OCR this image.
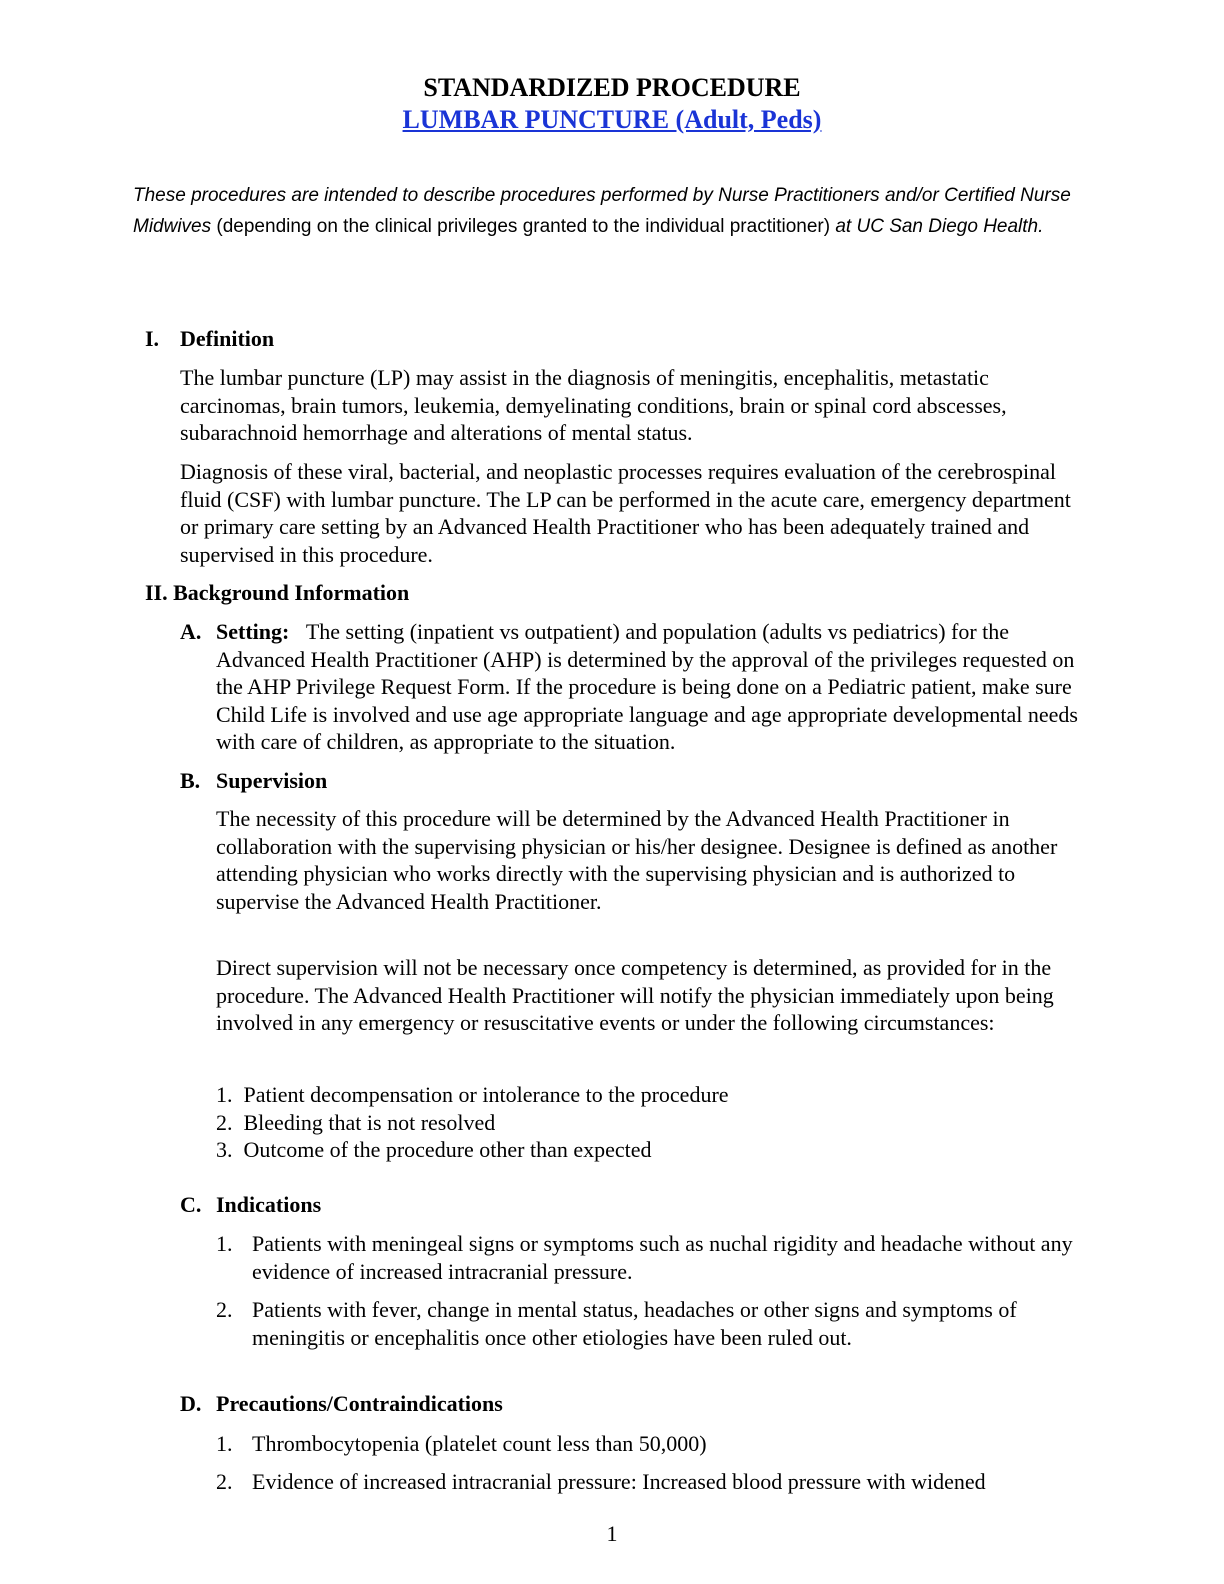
STANDARDIZED PROCEDURE
LUMBAR PUNCTURE (Adult, Peds)
These procedures are intended to describe procedures performed by Nurse Practitioners and/or Certified Nurse Midwives (depending on the clinical privileges granted to the individual practitioner) at UC San Diego Health.
I. Definition

The lumbar puncture (LP) may assist in the diagnosis of meningitis, encephalitis, metastatic carcinomas, brain tumors, leukemia, demyelinating conditions, brain or spinal cord abscesses, subarachnoid hemorrhage and alterations of mental status.

Diagnosis of these viral, bacterial, and neoplastic processes requires evaluation of the cerebrospinal fluid (CSF) with lumbar puncture. The LP can be performed in the acute care, emergency department or primary care setting by an Advanced Health Practitioner who has been adequately trained and supervised in this procedure.

II. Background Information
A. Setting: The setting (inpatient vs outpatient) and population (adults vs pediatrics) for the Advanced Health Practitioner (AHP) is determined by the approval of the privileges requested on the AHP Privilege Request Form. If the procedure is being done on a Pediatric patient, make sure Child Life is involved and use age appropriate language and age appropriate developmental needs with care of children, as appropriate to the situation.
B. Supervision

The necessity of this procedure will be determined by the Advanced Health Practitioner in collaboration with the supervising physician or his/her designee. Designee is defined as another attending physician who works directly with the supervising physician and is authorized to supervise the Advanced Health Practitioner.

Direct supervision will not be necessary once competency is determined, as provided for in the procedure. The Advanced Health Practitioner will notify the physician immediately upon being involved in any emergency or resuscitative events or under the following circumstances:

1. Patient decompensation or intolerance to the procedure
2. Bleeding that is not resolved
3. Outcome of the procedure other than expected
C. Indications
1. Patients with meningeal signs or symptoms such as nuchal rigidity and headache without any evidence of increased intracranial pressure.

2. Patients with fever, change in mental status, headaches or other signs and symptoms of meningitis or encephalitis once other etiologies have been ruled out.

D. Precautions/Contraindications
1. Thrombocytopenia (platelet count less than 50,000)

2. Evidence of increased intracranial pressure: Increased blood pressure with widened

1
